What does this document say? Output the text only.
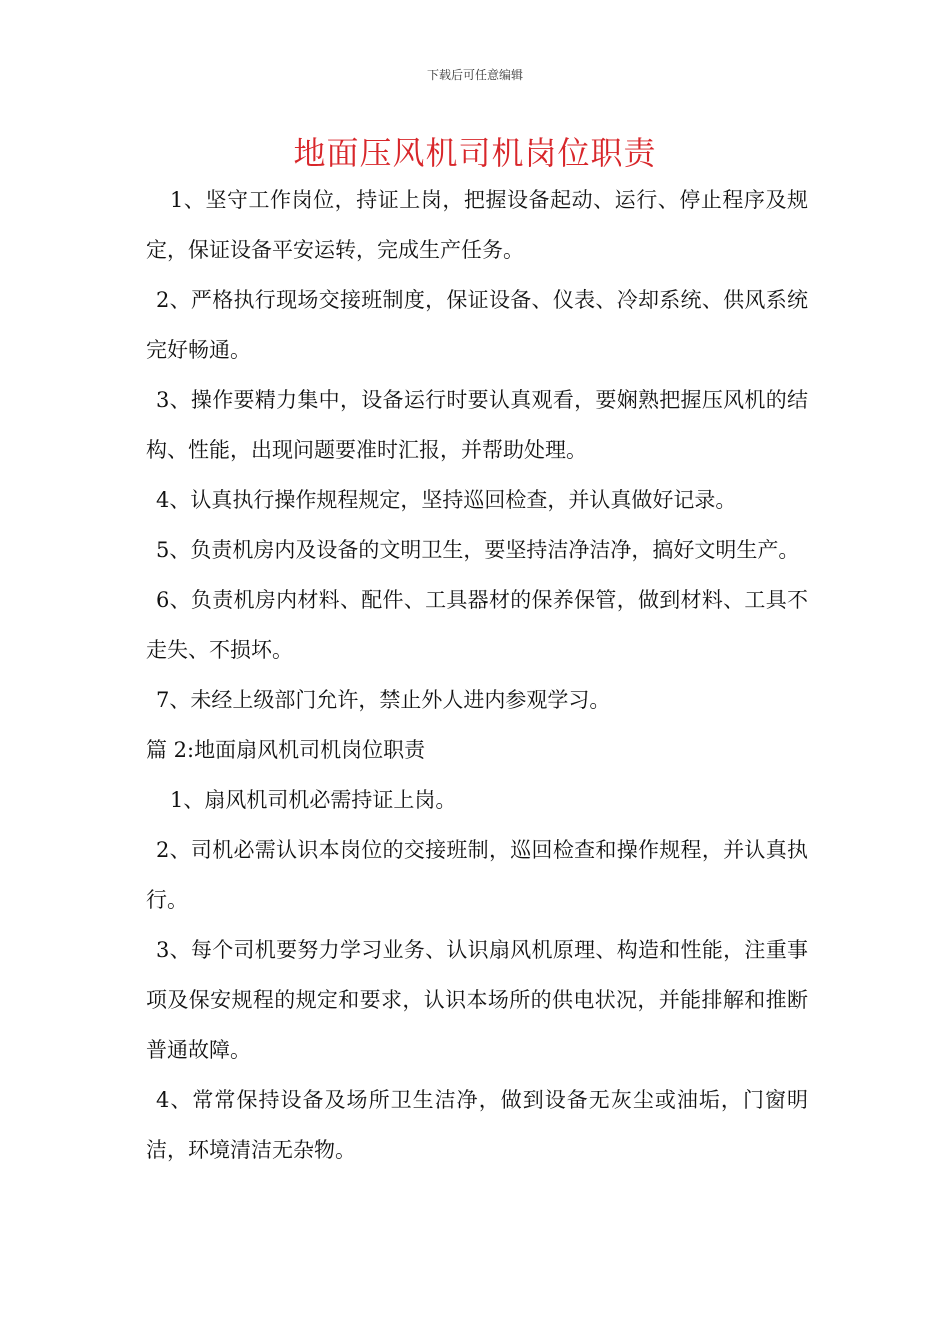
下载后可任意编辑
地面压风机司机岗位职责

1、坚守工作岗位，持证上岗，把握设备起动、运行、停止程序及规定，保证设备平安运转，完成生产任务。

2、严格执行现场交接班制度，保证设备、仪表、冷却系统、供风系统完好畅通。

3、操作要精力集中，设备运行时要认真观看，要娴熟把握压风机的结构、性能，出现问题要准时汇报，并帮助处理。

4、认真执行操作规程规定，坚持巡回检查，并认真做好记录。

5、负责机房内及设备的文明卫生，要坚持洁净洁净，搞好文明生产。

6、负责机房内材料、配件、工具器材的保养保管，做到材料、工具不走失、不损坏。

7、未经上级部门允许，禁止外人进内参观学习。

篇 2:地面扇风机司机岗位职责

1、扇风机司机必需持证上岗。

2、司机必需认识本岗位的交接班制，巡回检查和操作规程，并认真执行。

3、每个司机要努力学习业务、认识扇风机原理、构造和性能，注重事项及保安规程的规定和要求，认识本场所的供电状况，并能排解和推断普通故障。

4、常常保持设备及场所卫生洁净，做到设备无灰尘或油垢，门窗明洁，环境清洁无杂物。
